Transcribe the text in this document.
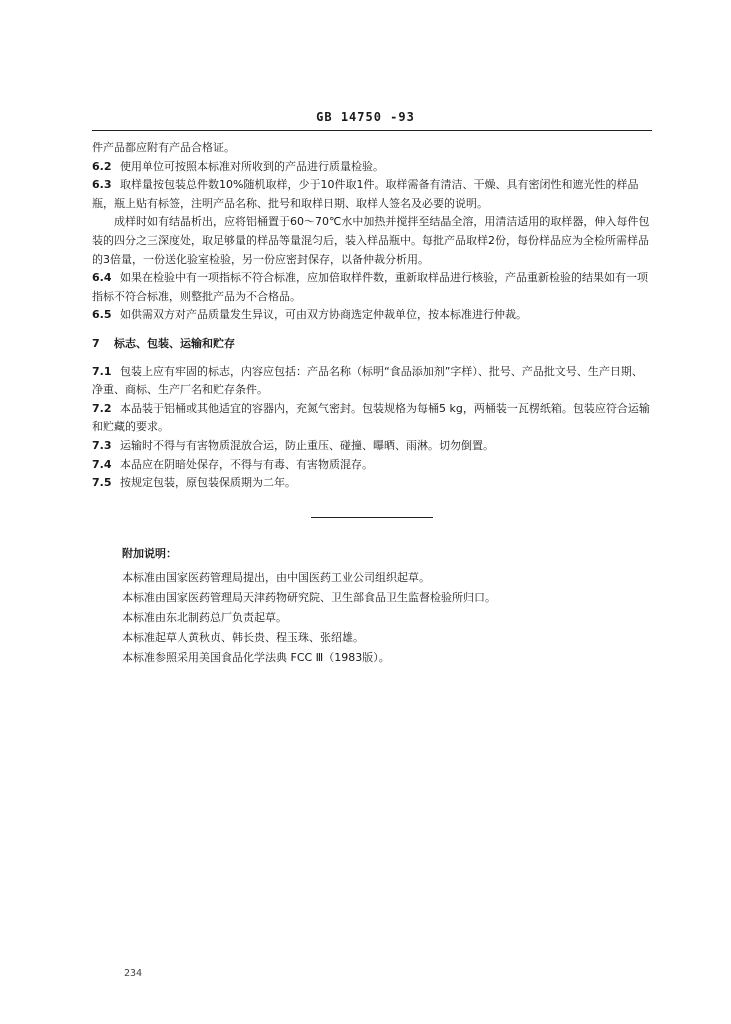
GB 14750 -93

件产品都应附有产品合格证。

6.2 使用单位可按照本标准对所收到的产品进行质量检验。

6.3 取样量按包装总件数10%随机取样，少于10件取1件。取样需备有清洁、干燥、具有密闭性和遮光性的样品瓶，瓶上贴有标签，注明产品名称、批号和取样日期、取样人签名及必要的说明。

成样时如有结晶析出，应将铝桶置于60～70℃水中加热并搅拌至结晶全溶，用清洁适用的取样器，伸入每件包装的四分之三深度处，取足够量的样品等量混匀后，装入样品瓶中。每批产品取样2份，每份样品应为全检所需样品的3倍量，一份送化验室检验，另一份应密封保存，以备仲裁分析用。

6.4 如果在检验中有一项指标不符合标准，应加倍取样件数，重新取样品进行核验，产品重新检验的结果如有一项指标不符合标准，则整批产品为不合格品。

6.5 如供需双方对产品质量发生异议，可由双方协商选定仲裁单位，按本标准进行仲裁。

7 标志、包装、运输和贮存

7.1 包装上应有牢固的标志，内容应包括：产品名称（标明“食品添加剂”字样）、批号、产品批文号、生产日期、净重、商标、生产厂名和贮存条件。

7.2 本品装于铝桶或其他适宜的容器内，充氮气密封。包装规格为每桶5 kg，两桶装一瓦楞纸箱。包装应符合运输和贮藏的要求。

7.3 运输时不得与有害物质混放合运，防止重压、碰撞、曝晒、雨淋。切勿倒置。

7.4 本品应在阴暗处保存，不得与有毒、有害物质混存。

7.5 按规定包装，原包装保质期为二年。

附加说明：
本标准由国家医药管理局提出，由中国医药工业公司组织起草。
本标准由国家医药管理局天津药物研究院、卫生部食品卫生监督检验所归口。
本标准由东北制药总厂负责起草。
本标准起草人黄秋贞、韩长贵、程玉珠、张绍雄。
本标准参照采用美国食品化学法典 FCC Ⅲ（1983版）。
234
